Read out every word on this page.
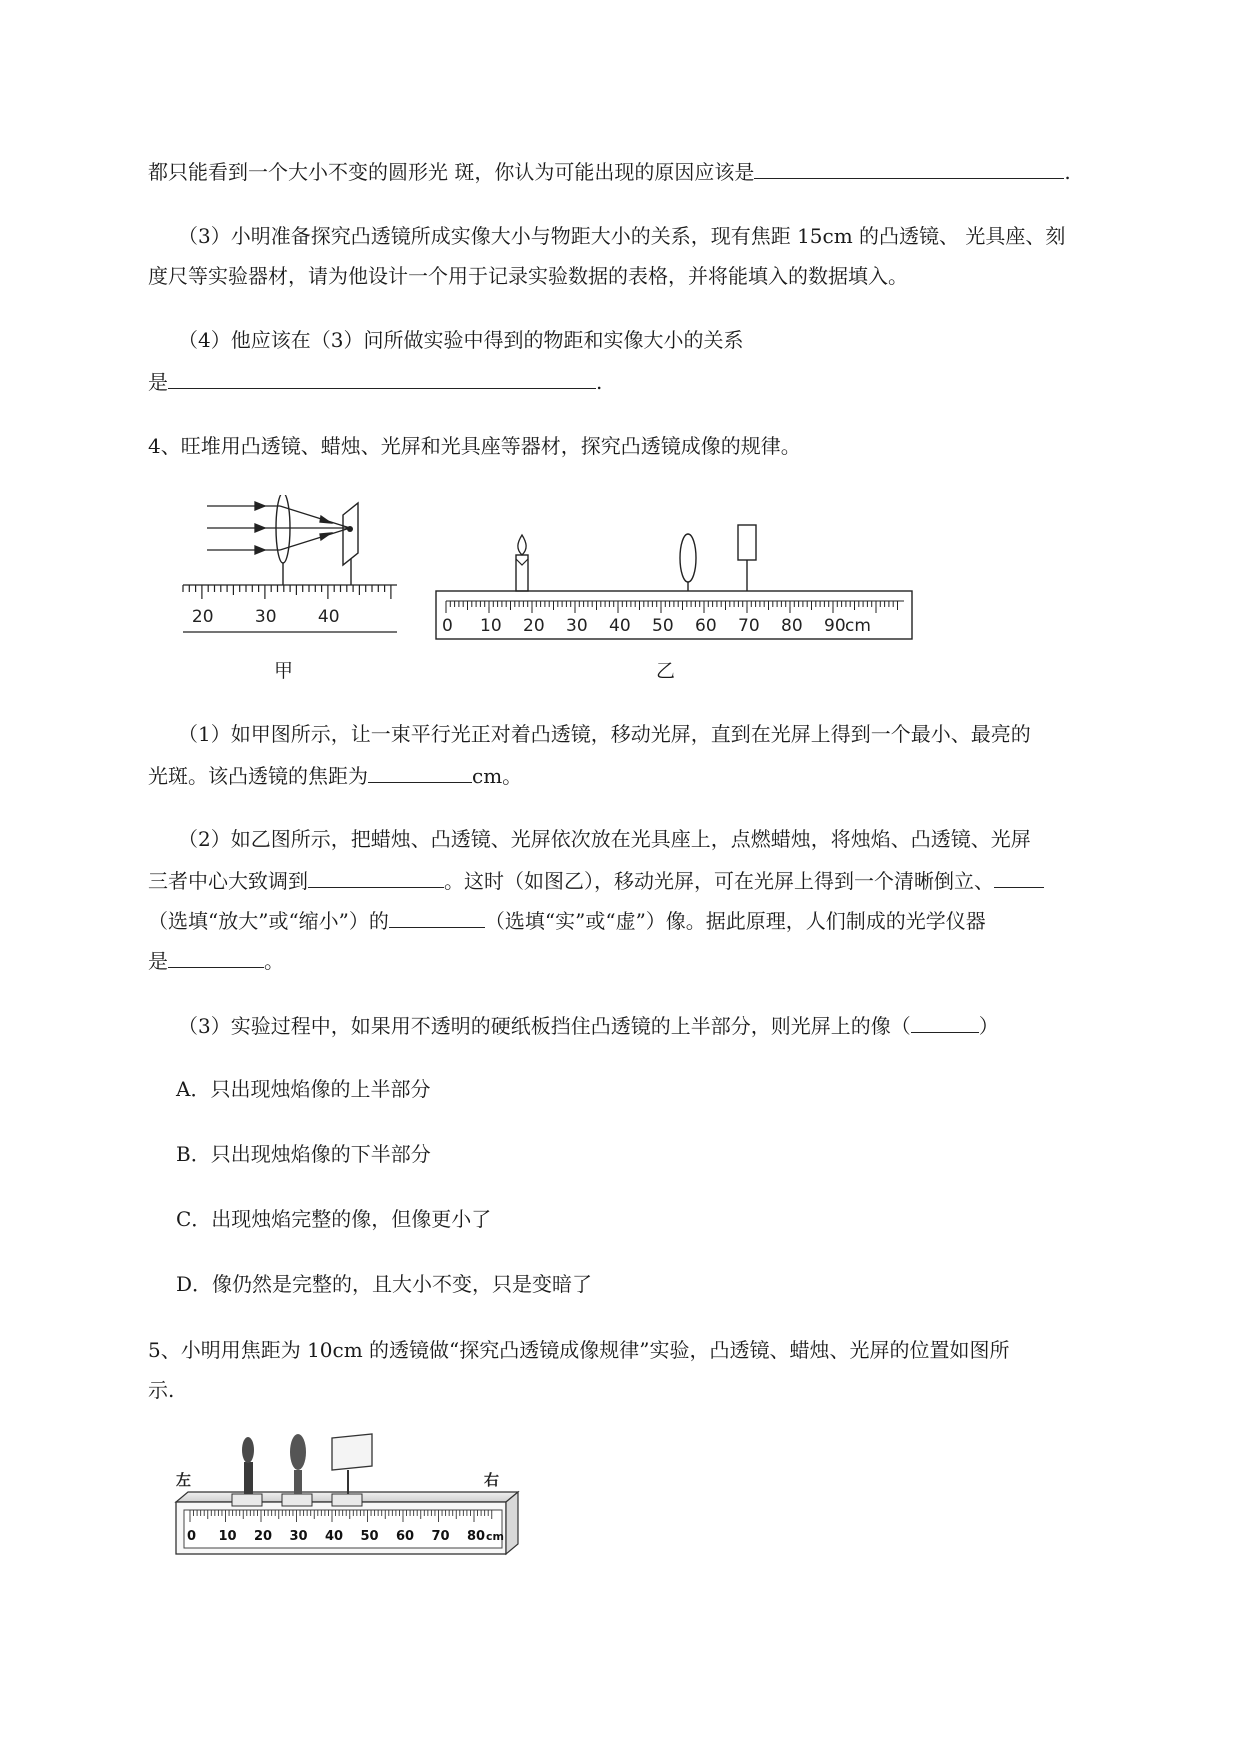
都只能看到一个大小不变的圆形光 斑，你认为可能出现的原因应该是	.
（3）小明准备探究凸透镜所成实像大小与物距大小的关系，现有焦距 15cm 的凸透镜、 光具座、刻
度尺等实验器材，请为他设计一个用于记录实验数据的表格，并将能填入的数据填入。
（4）他应该在（3）问所做实验中得到的物距和实像大小的关系
是	.
4、旺堆用凸透镜、蜡烛、光屏和光具座等器材，探究凸透镜成像的规律。
20 30 40
甲
0 10 20 30 40 50 60 70 80 90 cm
乙
（1）如甲图所示，让一束平行光正对着凸透镜，移动光屏，直到在光屏上得到一个最小、最亮的
光斑。该凸透镜的焦距为	cm。
（2）如乙图所示，把蜡烛、凸透镜、光屏依次放在光具座上，点燃蜡烛，将烛焰、凸透镜、光屏
三者中心大致调到	。这时（如图乙），移动光屏，可在光屏上得到一个清晰倒立、
（选填“放大”或“缩小”）的	（选填“实”或“虚”）像。据此原理，人们制成的光学仪器
是	。
（3）实验过程中，如果用不透明的硬纸板挡住凸透镜的上半部分，则光屏上的像（	）
A．只出现烛焰像的上半部分
B．只出现烛焰像的下半部分
C．出现烛焰完整的像，但像更小了
D．像仍然是完整的，且大小不变，只是变暗了
5、小明用焦距为 10cm 的透镜做“探究凸透镜成像规律”实验，凸透镜、蜡烛、光屏的位置如图所
示.
0 10 20 30 40 50 60 70 80 cm
左	右
